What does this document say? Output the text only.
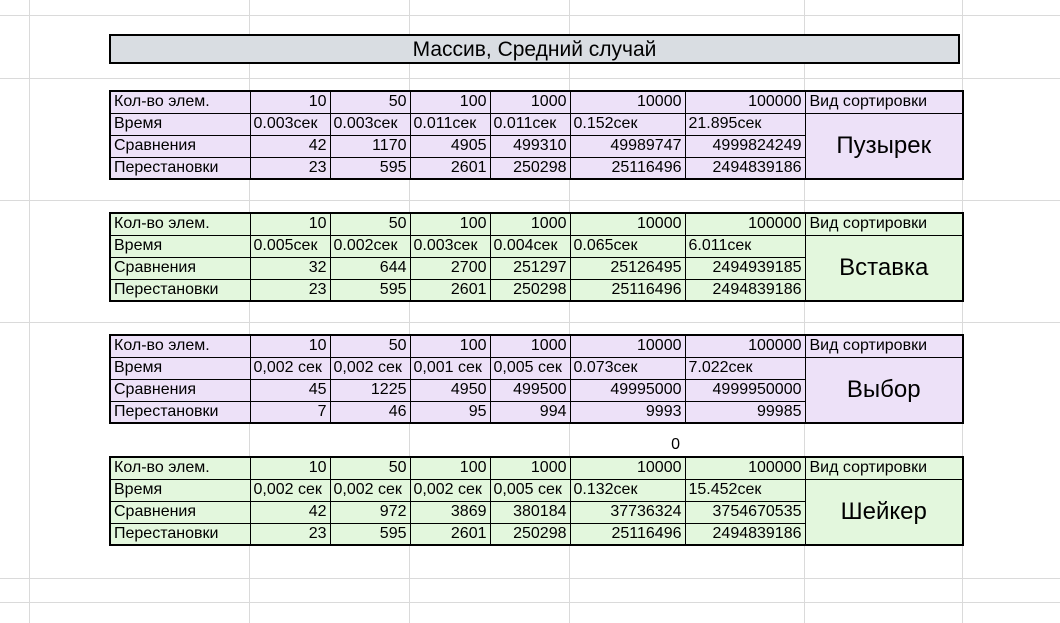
Массив, Средний случай
0
Кол-во элем.	10	50	100	1000	10000	100000	Вид сортировки
Время	0.003сек	0.003сек	0.011сек	0.011сек	0.152сек	21.895сек	Пузырек
Сравнения	42	1170	4905	499310	49989747	4999824249	
Перестановки	23	595	2601	250298	25116496	2494839186	
Кол-во элем.	10	50	100	1000	10000	100000	Вид сортировки
Время	0.005сек	0.002сек	0.003сек	0.004сек	0.065сек	6.011сек	Вставка
Сравнения	32	644	2700	251297	25126495	2494939185	
Перестановки	23	595	2601	250298	25116496	2494839186	
Кол-во элем.	10	50	100	1000	10000	100000	Вид сортировки
Время	0,002 сек	0,002 сек	0,001 сек	0,005 сек	0.073сек	7.022сек	Выбор
Сравнения	45	1225	4950	499500	49995000	4999950000	
Перестановки	7	46	95	994	9993	99985	
Кол-во элем.	10	50	100	1000	10000	100000	Вид сортировки
Время	0,002 сек	0,002 сек	0,002 сек	0,005 сек	0.132сек	15.452сек	Шейкер
Сравнения	42	972	3869	380184	37736324	3754670535	
Перестановки	23	595	2601	250298	25116496	2494839186	
